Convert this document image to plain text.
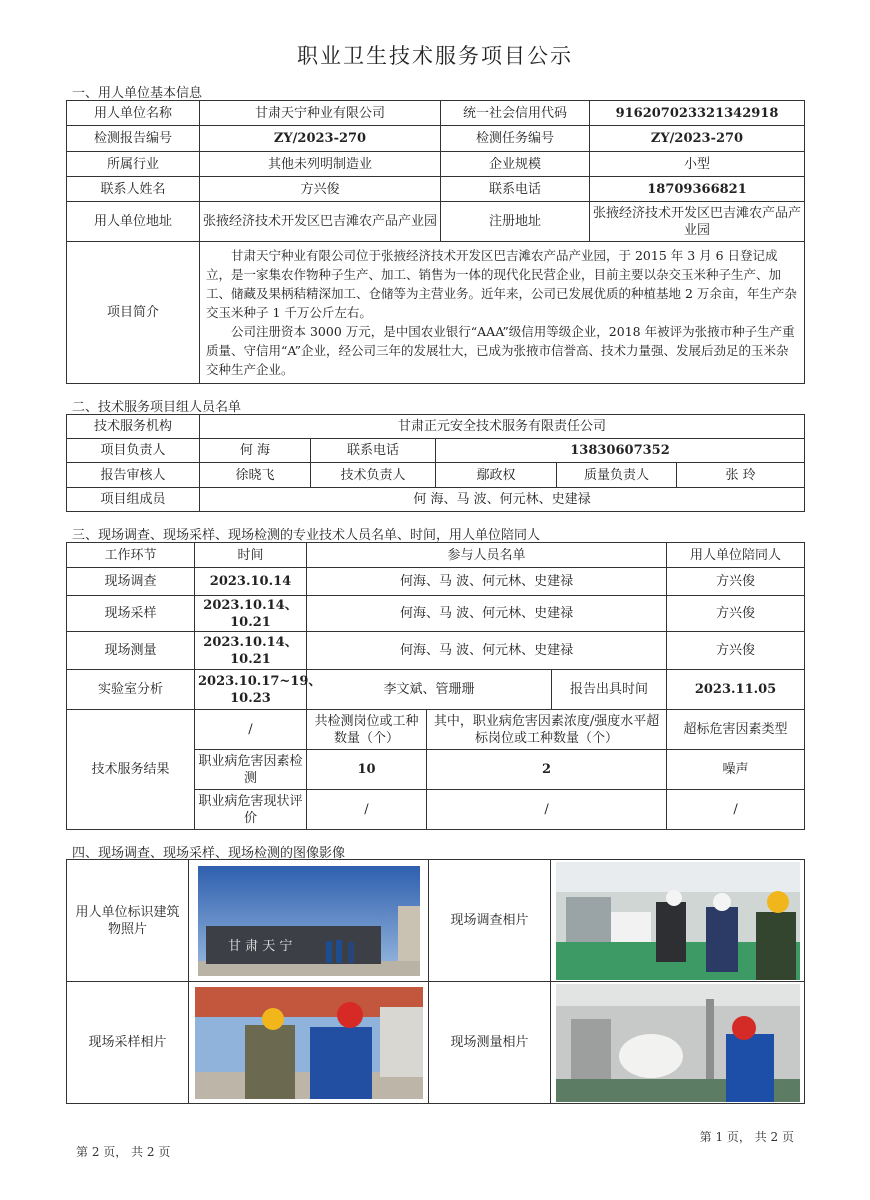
职业卫生技术服务项目公示
一、用人单位基本信息
用人单位名称	甘肃天宁种业有限公司	统一社会信用代码	91620702332134291​8
检测报告编号	ZY/2023-270	检测任务编号	ZY/2023-270
所属行业	其他未列明制造业	企业规模	小型
联系人姓名	方兴俊	联系电话	18709366821
用人单位地址	张掖经济技术开发区巴吉滩农产品产业园	注册地址	张掖经济技术开发区巴吉滩农产品产业园
项目简介	甘肃天宁种业有限公司位于张掖经济技术开发区巴吉滩农产品产业园，于 2015 年 3 月 6 日登记成立，是一家集农作物种子生产、加工、销售为一体的现代化民营企业，目前主要以杂交玉米种子生产、加工、储藏及果柄秸精深加工、仓储等为主营业务。近年来，公司已发展优质的种植基地 2 万余亩，年生产杂交玉米种子 1 千万公斤左右。

公司注册资本 3000 万元，是中国农业银行“AAA”级信用等级企业，2018 年被评为张掖市种子生产重质量、守信用“A”企业，经公司三年的发展壮大，已成为张掖市信誉高、技术力量强、发展后劲足的玉米杂交种生产企业。		

二、技术服务项目组人员名单
技术服务机构	甘肃正元安全技术服务有限责任公司				
项目负责人	何 海	联系电话	13830607352		
报告审核人	徐晓飞	技术负责人	鄢政权	质量负责人	张 玲
项目组成员	何 海、马 波、何元林、史建禄				
三、现场调查、现场采样、现场检测的专业技术人员名单、时间，用人单位陪同人
工作环节	时间	参与人员名单			用人单位陪同人
现场调查	2023.10.14	何海、马 波、何元林、史建禄			方兴俊
现场采样	2023.10.14、10.21	何海、马 波、何元林、史建禄			方兴俊
现场测量	2023.10.14、10.21	何海、马 波、何元林、史建禄			方兴俊
实验室分析	2023.10.17~19、10.23	李文斌、管珊珊		报告出具时间	2023.11.05
技术服务结果	/	共检测岗位或工种数量（个）	其中，职业病危害因素浓度/强度水平超标岗位或工种数量（个）		超标危害因素类型
	职业病危害因素检测	10	2		噪声
	职业病危害现状评价	/	/		/
四、现场调查、现场采样、现场检测的图像影像
用人单位标识建筑物照片	甘 肃 天 宁	现场调查相片	

现场采样相片		现场测量相片	
第 1 页， 共 2 页
第 2 页， 共 2 页
